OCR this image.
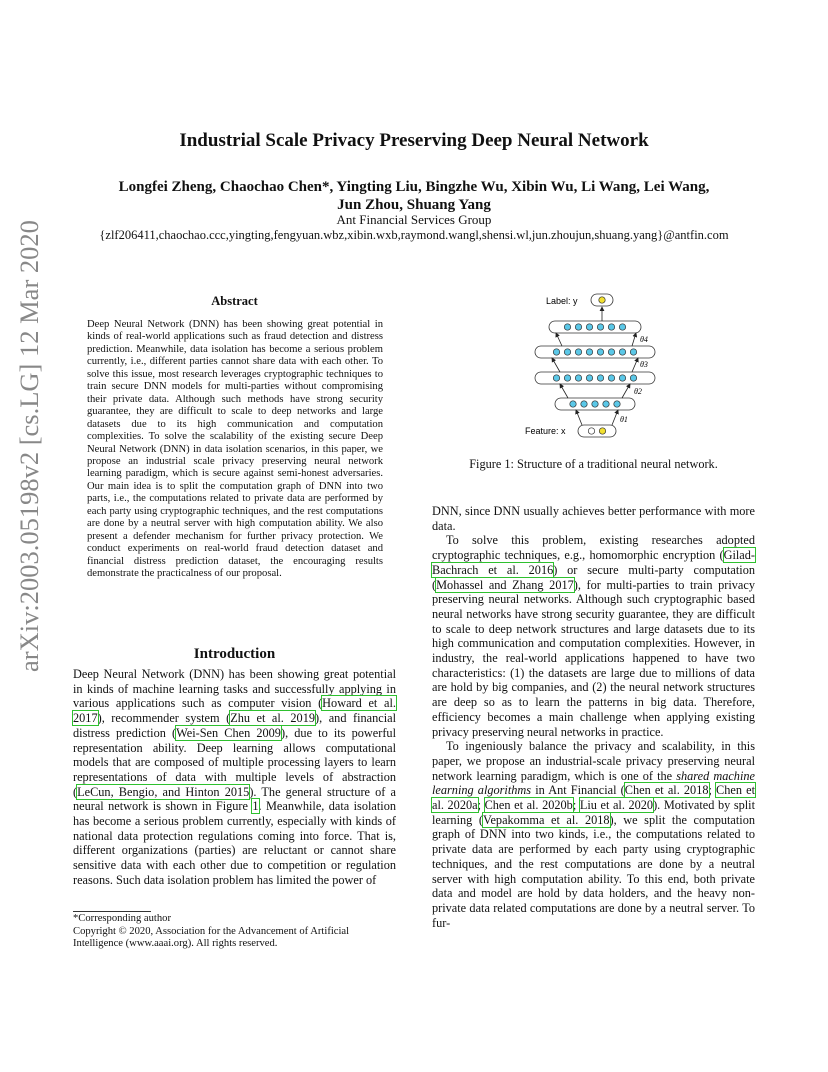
arXiv:2003.05198v2 [cs.LG] 12 Mar 2020
Industrial Scale Privacy Preserving Deep Neural Network
Longfei Zheng, Chaochao Chen*, Yingting Liu, Bingzhe Wu, Xibin Wu, Li Wang, Lei Wang,
Jun Zhou, Shuang Yang
Ant Financial Services Group
{zlf206411,chaochao.ccc,yingting,fengyuan.wbz,xibin.wxb,raymond.wangl,shensi.wl,jun.zhoujun,shuang.yang}@antfin.com
Abstract
Deep Neural Network (DNN) has been showing great potential in kinds of real-world applications such as fraud detection and distress prediction. Meanwhile, data isolation has become a serious problem currently, i.e., different parties cannot share data with each other. To solve this issue, most research leverages cryptographic techniques to train secure DNN models for multi-parties without compromising their private data. Although such methods have strong security guarantee, they are difficult to scale to deep networks and large datasets due to its high communication and computation complexities. To solve the scalability of the existing secure Deep Neural Network (DNN) in data isolation scenarios, in this paper, we propose an industrial scale privacy preserving neural network learning paradigm, which is secure against semi-honest adversaries. Our main idea is to split the computation graph of DNN into two parts, i.e., the computations related to private data are performed by each party using cryptographic techniques, and the rest computations are done by a neutral server with high computation ability. We also present a defender mechanism for further privacy protection. We conduct experiments on real-world fraud detection dataset and financial distress prediction dataset, the encouraging results demonstrate the practicalness of our proposal.
Introduction
Deep Neural Network (DNN) has been showing great potential in kinds of machine learning tasks and successfully applying in various applications such as computer vision (Howard et al. 2017), recommender system (Zhu et al. 2019), and financial distress prediction (Wei-Sen Chen 2009), due to its powerful representation ability. Deep learning allows computational models that are composed of multiple processing layers to learn representations of data with multiple levels of abstraction (LeCun, Bengio, and Hinton 2015). The general structure of a neural network is shown in Figure 1. Meanwhile, data isolation has become a serious problem currently, especially with kinds of national data protection regulations coming into force. That is, different organizations (parties) are reluctant or cannot share sensitive data with each other due to competition or regulation reasons. Such data isolation problem has limited the power of
*Corresponding author
Copyright © 2020, Association for the Advancement of Artificial Intelligence (www.aaai.org). All rights reserved.
Label: y
Feature: x
θ4
θ3
θ2
θ1
Figure 1: Structure of a traditional neural network.

DNN, since DNN usually achieves better performance with more data.

To solve this problem, existing researches adopted cryptographic techniques, e.g., homomorphic encryption (Gilad-Bachrach et al. 2016) or secure multi-party computation (Mohassel and Zhang 2017), for multi-parties to train privacy preserving neural networks. Although such cryptographic based neural networks have strong security guarantee, they are difficult to scale to deep network structures and large datasets due to its high communication and computation complexities. However, in industry, the real-world applications happened to have two characteristics: (1) the datasets are large due to millions of data are hold by big companies, and (2) the neural network structures are deep so as to learn the patterns in big data. Therefore, efficiency becomes a main challenge when applying existing privacy preserving neural networks in practice.

To ingeniously balance the privacy and scalability, in this paper, we propose an industrial-scale privacy preserving neural network learning paradigm, which is one of the shared machine learning algorithms in Ant Financial (Chen et al. 2018; Chen et al. 2020a; Chen et al. 2020b; Liu et al. 2020). Motivated by split learning (Vepakomma et al. 2018), we split the computation graph of DNN into two kinds, i.e., the computations related to private data are performed by each party using cryptographic techniques, and the rest computations are done by a neutral server with high computation ability. To this end, both private data and model are hold by data holders, and the heavy non-private data related computations are done by a neutral server. To fur-
